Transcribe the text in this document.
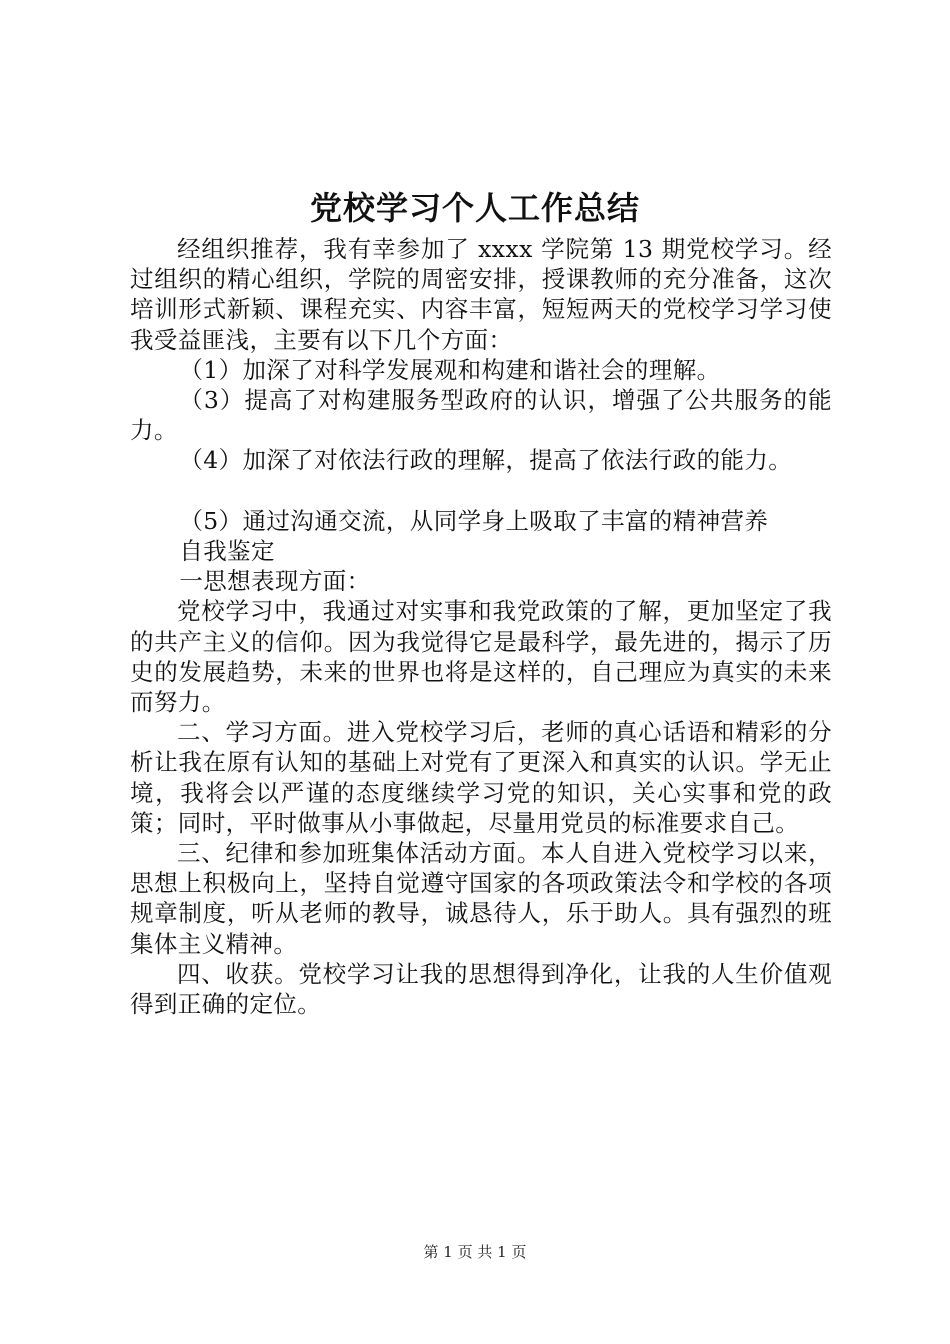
党校学习个人工作总结

经组织推荐，我有幸参加了 xxxx 学院第 13 期党校学习。经过组织的精心组织，学院的周密安排，授课教师的充分准备，这次培训形式新颖、课程充实、内容丰富，短短两天的党校学习学习使我受益匪浅，主要有以下几个方面：

（1）加深了对科学发展观和构建和谐社会的理解。

（3）提高了对构建服务型政府的认识，增强了公共服务的能力。

（4）加深了对依法行政的理解，提高了依法行政的能力。

（5）通过沟通交流，从同学身上吸取了丰富的精神营养

自我鉴定

一思想表现方面：

党校学习中，我通过对实事和我党政策的了解，更加坚定了我的共产主义的信仰。因为我觉得它是最科学，最先进的，揭示了历史的发展趋势，未来的世界也将是这样的，自己理应为真实的未来而努力。

二、学习方面。进入党校学习后，老师的真心话语和精彩的分析让我在原有认知的基础上对党有了更深入和真实的认识。学无止境，我将会以严谨的态度继续学习党的知识，关心实事和党的政策；同时，平时做事从小事做起，尽量用党员的标准要求自己。

三、纪律和参加班集体活动方面。本人自进入党校学习以来，思想上积极向上，坚持自觉遵守国家的各项政策法令和学校的各项规章制度，听从老师的教导，诚恳待人，乐于助人。具有强烈的班集体主义精神。

四、收获。党校学习让我的思想得到净化，让我的人生价值观得到正确的定位。

第 1 页 共 1 页
